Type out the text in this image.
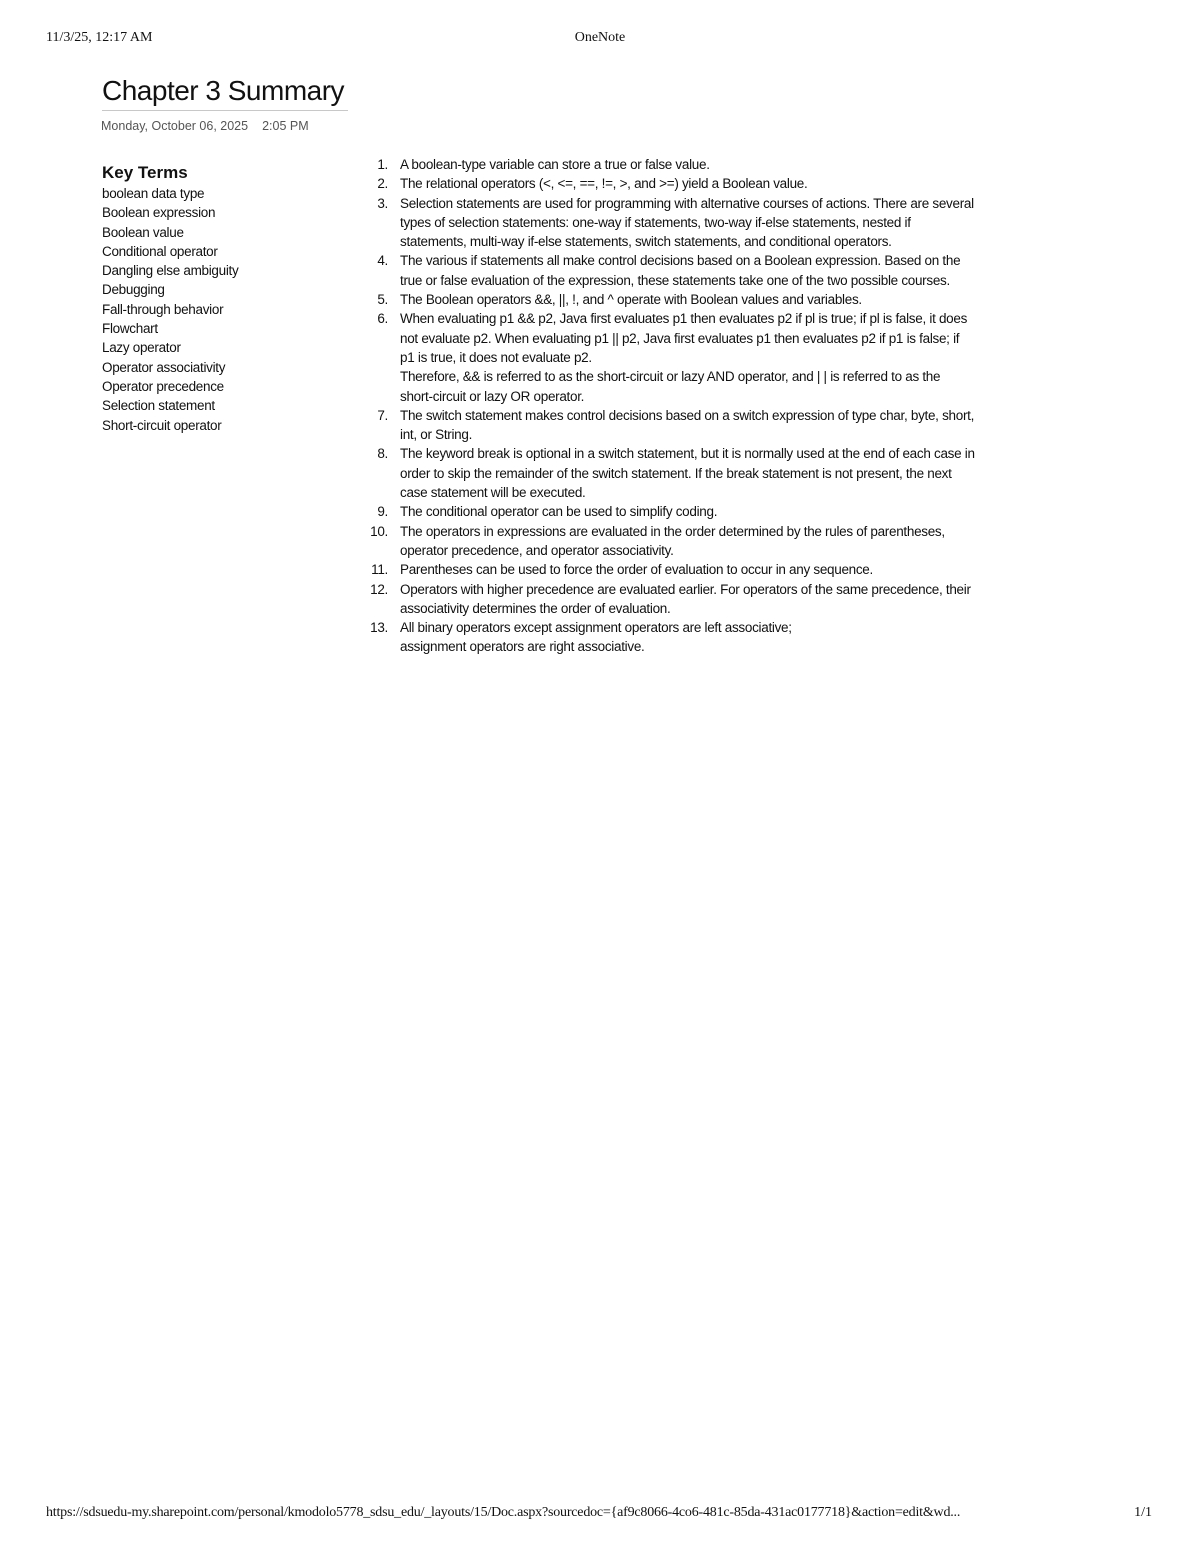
11/3/25, 12:17 AM	OneNote
Chapter 3 Summary
Monday, October 06, 2025 2:05 PM
Key Terms
boolean data type
Boolean expression
Boolean value
Conditional operator
Dangling else ambiguity
Debugging
Fall-through behavior
Flowchart
Lazy operator
Operator associativity
Operator precedence
Selection statement
Short-circuit operator
1. A boolean-type variable can store a true or false value.
2. The relational operators (<, <=, ==, !=, >, and >=) yield a Boolean value.
3. Selection statements are used for programming with alternative courses of actions. There are several types of selection statements: one-way if statements, two-way if-else statements, nested if statements, multi-way if-else statements, switch statements, and conditional operators.
4. The various if statements all make control decisions based on a Boolean expression. Based on the true or false evaluation of the expression, these statements take one of the two possible courses.
5. The Boolean operators &&, ||, !, and ^ operate with Boolean values and variables.
6. When evaluating p1 && p2, Java first evaluates p1 then evaluates p2 if pl is true; if pl is false, it does not evaluate p2. When evaluating p1 || p2, Java first evaluates p1 then evaluates p2 if p1 is false; if p1 is true, it does not evaluate p2.
Therefore, && is referred to as the short-circuit or lazy AND operator, and | | is referred to as the short-circuit or lazy OR operator.
7. The switch statement makes control decisions based on a switch expression of type char, byte, short, int, or String.
8. The keyword break is optional in a switch statement, but it is normally used at the end of each case in order to skip the remainder of the switch statement. If the break statement is not present, the next case statement will be executed.
9. The conditional operator can be used to simplify coding.
10. The operators in expressions are evaluated in the order determined by the rules of parentheses, operator precedence, and operator associativity.
11. Parentheses can be used to force the order of evaluation to occur in any sequence.
12. Operators with higher precedence are evaluated earlier. For operators of the same precedence, their associativity determines the order of evaluation.
13. All binary operators except assignment operators are left associative;
assignment operators are right associative.
https://sdsuedu-my.sharepoint.com/personal/kmodolo5778_sdsu_edu/_layouts/15/Doc.aspx?sourcedoc={af9c8066-4co6-481c-85da-431ac0177718}&action=edit&wd...	1/1
